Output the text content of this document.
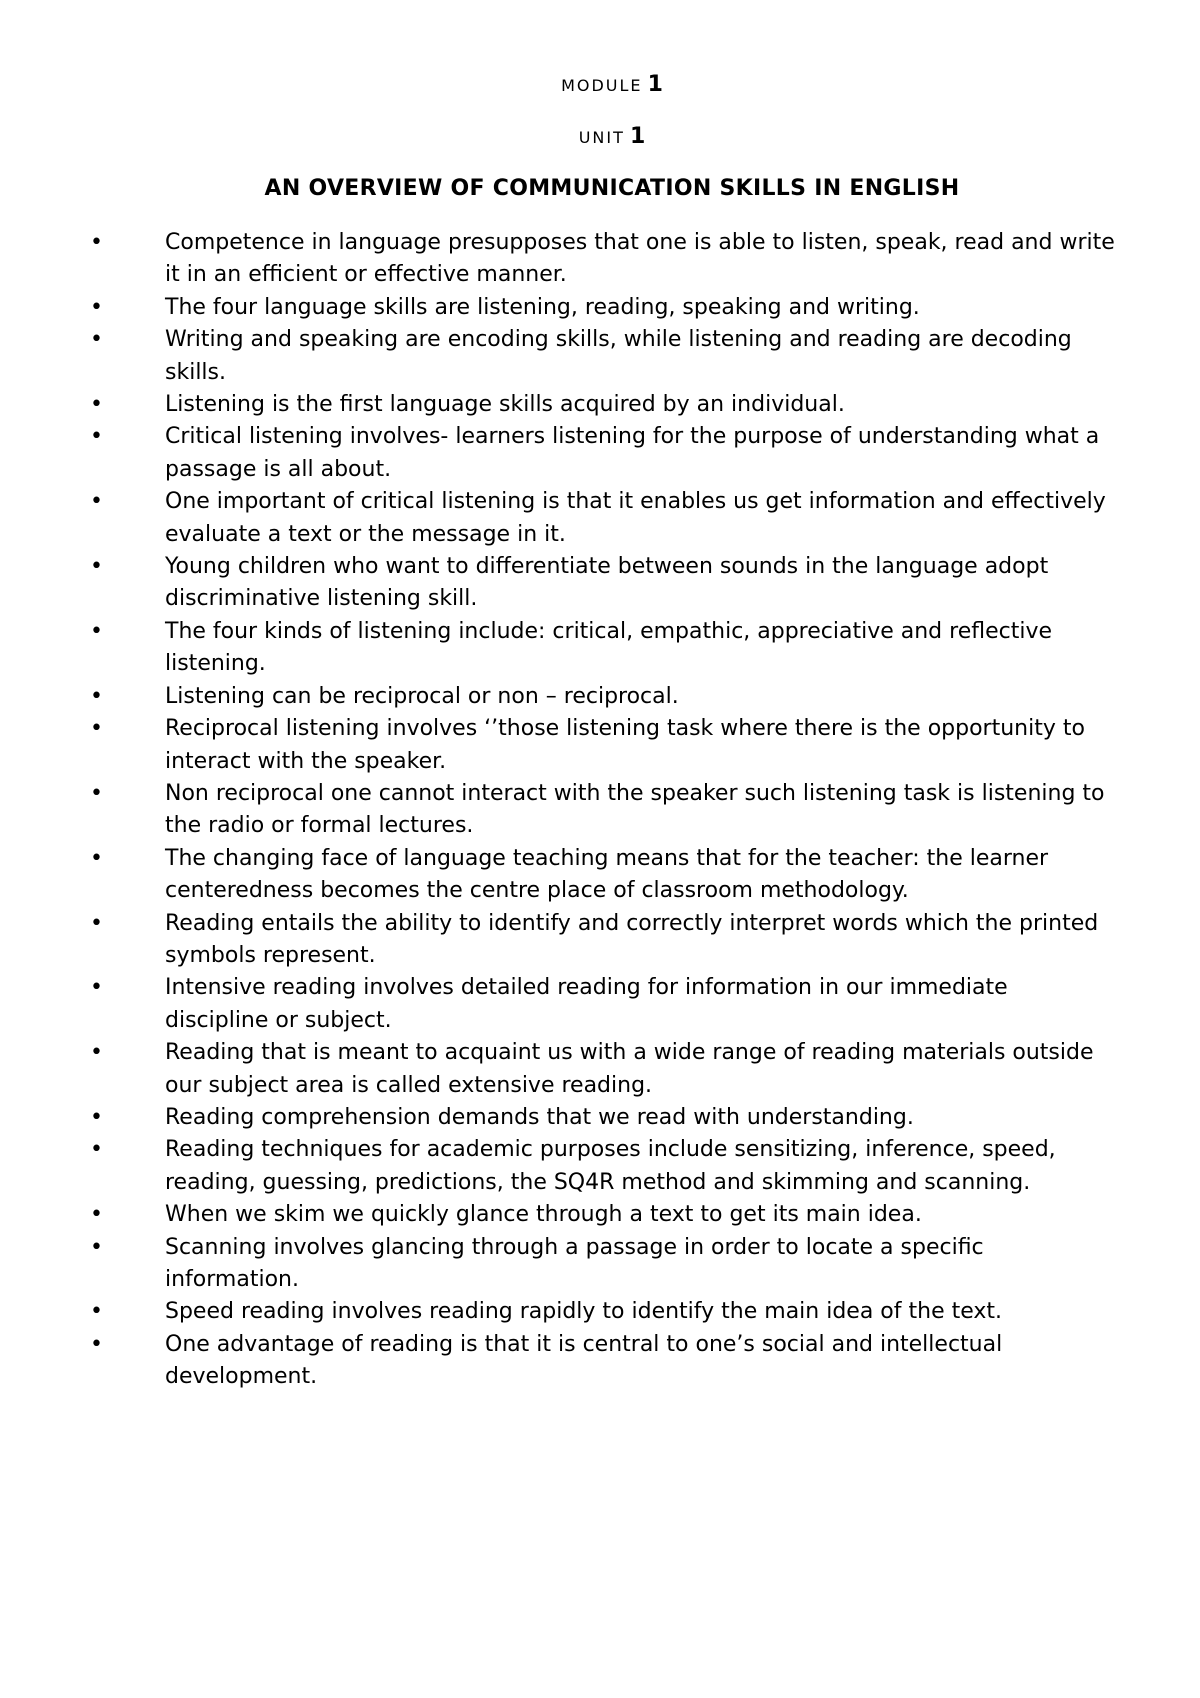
MODULE 1
UNIT 1
AN OVERVIEW OF COMMUNICATION SKILLS IN ENGLISH
•	Competence in language presupposes that one is able to listen, speak, read and write it in an efficient or effective manner.
•	The four language skills are listening, reading, speaking and writing.
•	Writing and speaking are encoding skills, while listening and reading are decoding skills.
•	Listening is the first language skills acquired by an individual.
•	Critical listening involves- learners listening for the purpose of understanding what a passage is all about.
•	One important of critical listening is that it enables us get information and effectively evaluate a text or the message in it.
•	Young children who want to differentiate between sounds in the language adopt discriminative listening skill.
•	The four kinds of listening include: critical, empathic, appreciative and reflective listening.
•	Listening can be reciprocal or non – reciprocal.
•	Reciprocal listening involves ‘’those listening task where there is the opportunity to interact with the speaker.
•	Non reciprocal one cannot interact with the speaker such listening task is listening to the radio or formal lectures.
•	The changing face of language teaching means that for the teacher: the learner centeredness becomes the centre place of classroom methodology.
•	Reading entails the ability to identify and correctly interpret words which the printed symbols represent.
•	Intensive reading involves detailed reading for information in our immediate discipline or subject.
•	Reading that is meant to acquaint us with a wide range of reading materials outside our subject area is called extensive reading.
•	Reading comprehension demands that we read with understanding.
•	Reading techniques for academic purposes include sensitizing, inference, speed, reading, guessing, predictions, the SQ4R method and skimming and scanning.
•	When we skim we quickly glance through a text to get its main idea.
•	Scanning involves glancing through a passage in order to locate a specific information.
•	Speed reading involves reading rapidly to identify the main idea of the text.
•	One advantage of reading is that it is central to one’s social and intellectual development.
